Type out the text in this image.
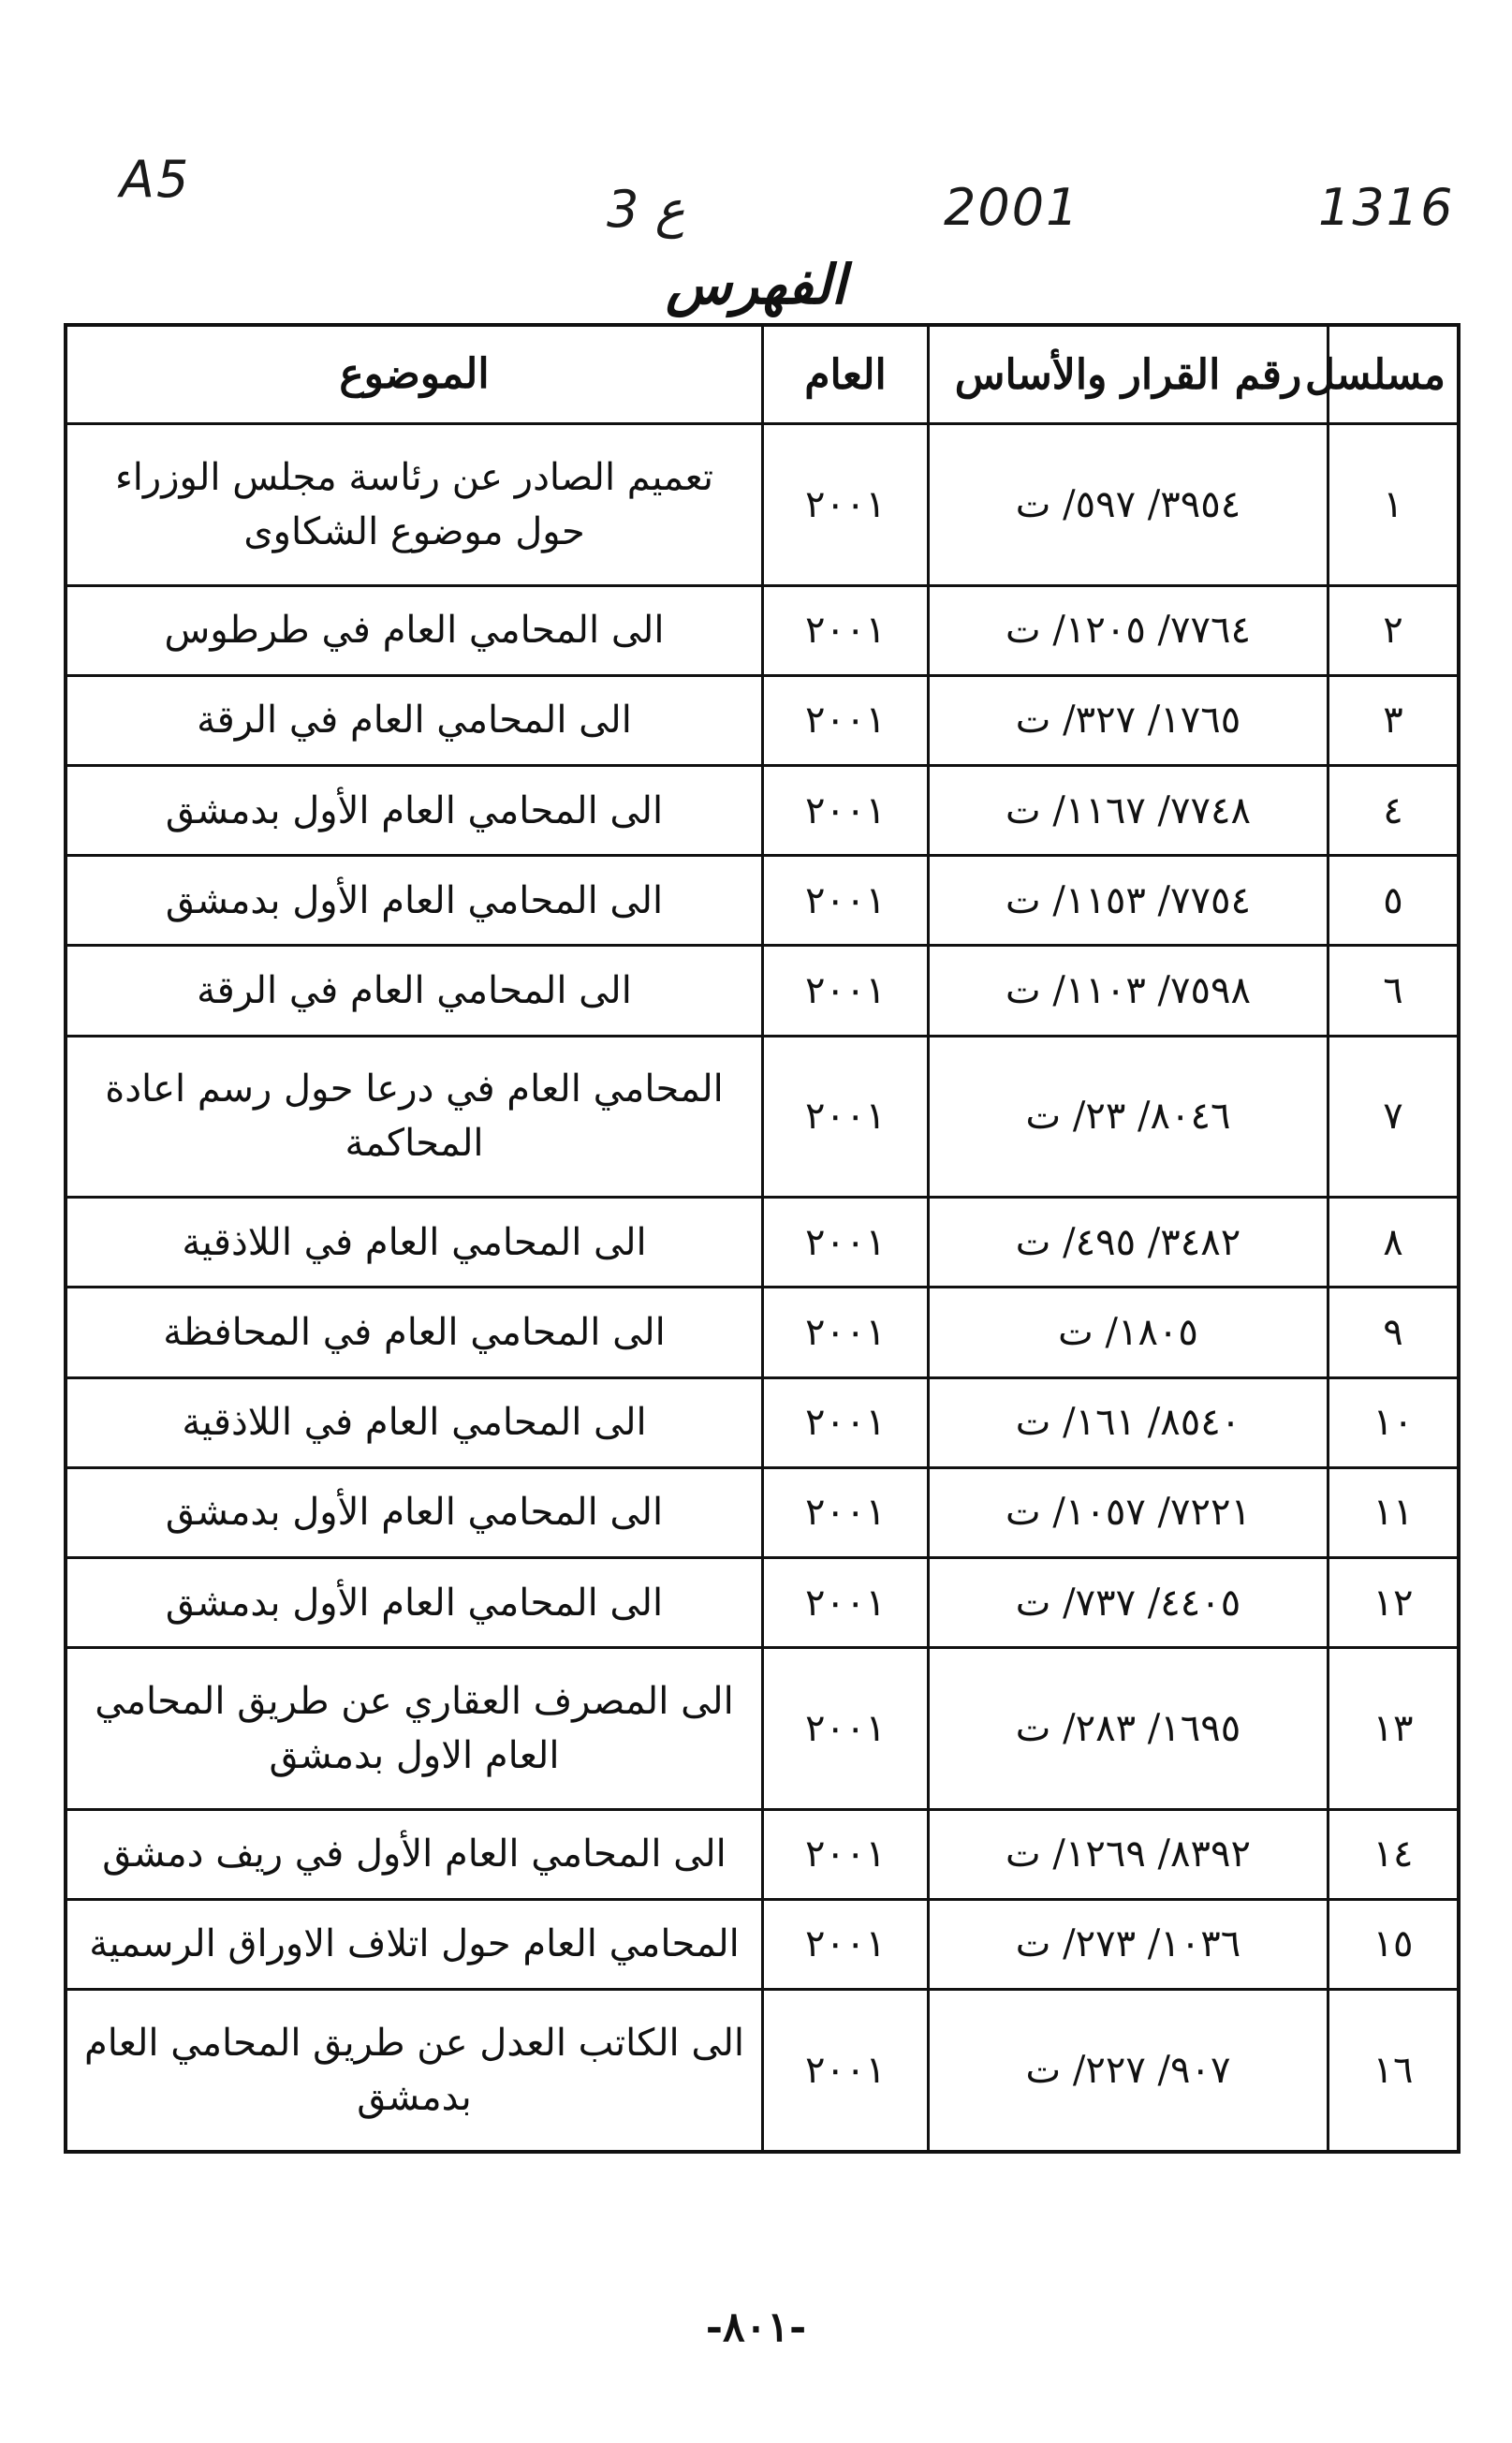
A5
3 ع	2001	1316
الفهرس
مسلسل	رقم القرار والأساس	العام	الموضوع
١	٣٩٥٤/ ٥٩٧/ ت	٢٠٠١	تعميم الصادر عن رئاسة مجلس الوزراء حول موضوع الشكاوى
٢	٧٧٦٤/ ١٢٠٥/ ت	٢٠٠١	الى المحامي العام في طرطوس
٣	١٧٦٥/ ٣٢٧/ ت	٢٠٠١	الى المحامي العام في الرقة
٤	٧٧٤٨/ ١١٦٧/ ت	٢٠٠١	الى المحامي العام الأول بدمشق
٥	٧٧٥٤/ ١١٥٣/ ت	٢٠٠١	الى المحامي العام الأول بدمشق
٦	٧٥٩٨/ ١١٠٣/ ت	٢٠٠١	الى المحامي العام في الرقة
٧	٨٠٤٦/ ٢٣/ ت	٢٠٠١	المحامي العام في درعا حول رسم اعادة المحاكمة
٨	٣٤٨٢/ ٤٩٥/ ت	٢٠٠١	الى المحامي العام في اللاذقية
٩	١٨٠٥/ ت	٢٠٠١	الى المحامي العام في المحافظة
١٠	٨٥٤٠/ ١٦١/ ت	٢٠٠١	الى المحامي العام في اللاذقية
١١	٧٢٢١/ ١٠٥٧/ ت	٢٠٠١	الى المحامي العام الأول بدمشق
١٢	٤٤٠٥/ ٧٣٧/ ت	٢٠٠١	الى المحامي العام الأول بدمشق
١٣	١٦٩٥/ ٢٨٣/ ت	٢٠٠١	الى المصرف العقاري عن طريق المحامي العام الاول بدمشق
١٤	٨٣٩٢/ ١٢٦٩/ ت	٢٠٠١	الى المحامي العام الأول في ريف دمشق
١٥	١٠٣٦/ ٢٧٣/ ت	٢٠٠١	المحامي العام حول اتلاف الاوراق الرسمية
١٦	٩٠٧/ ٢٢٧/ ت	٢٠٠١	الى الكاتب العدل عن طريق المحامي العام بدمشق
-٨٠١-
